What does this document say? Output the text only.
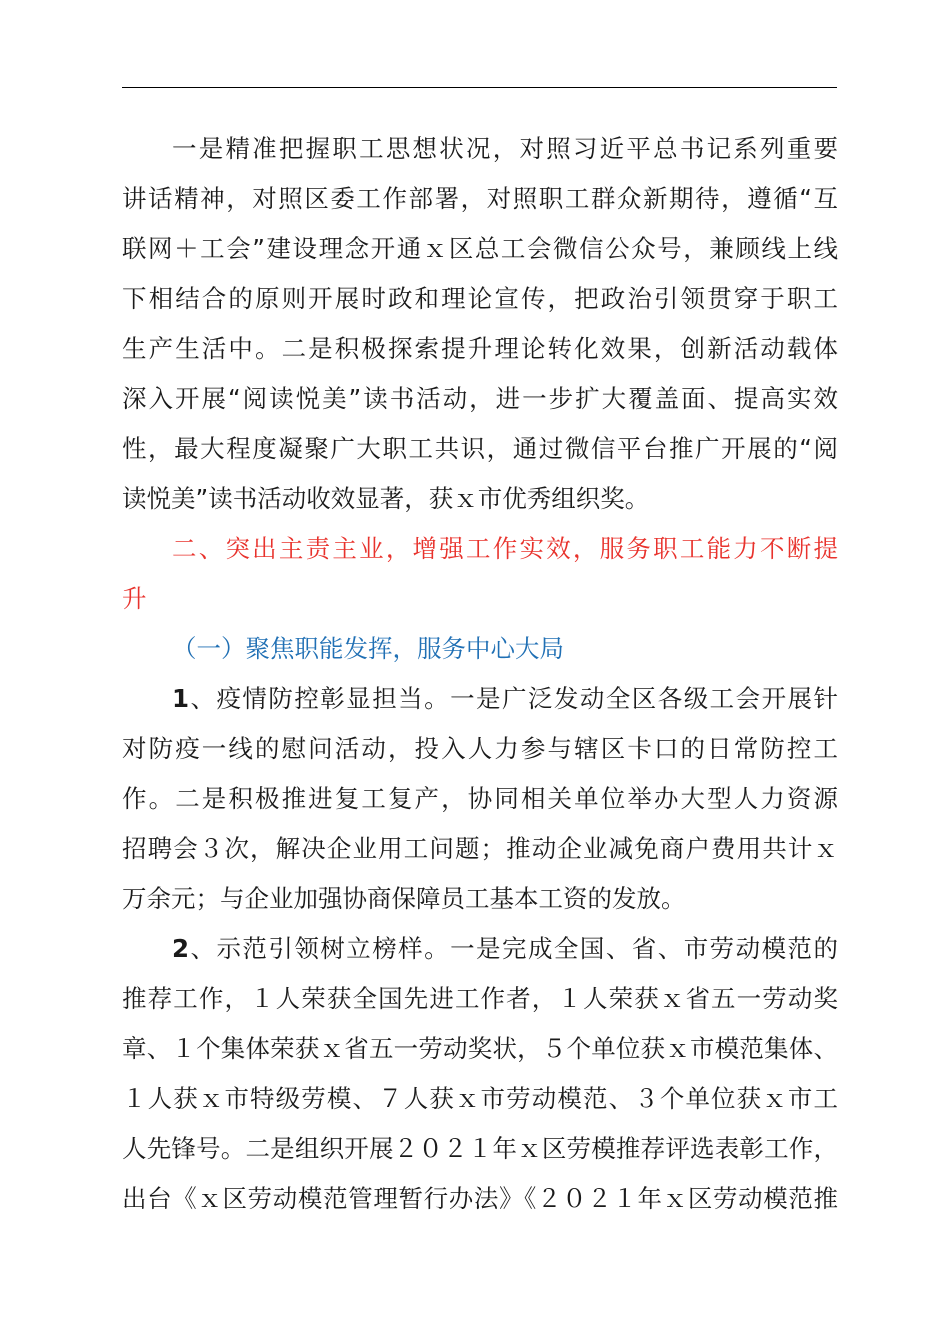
一是精准把握职工思想状况，对照习近平总书记系列重要
讲话精神，对照区委工作部署，对照职工群众新期待，遵循“互
联网＋工会”建设理念开通ｘ区总工会微信公众号，兼顾线上线
下相结合的原则开展时政和理论宣传，把政治引领贯穿于职工
生产生活中。二是积极探索提升理论转化效果，创新活动载体
深入开展“阅读悦美”读书活动，进一步扩大覆盖面、提高实效
性，最大程度凝聚广大职工共识，通过微信平台推广开展的“阅
读悦美”读书活动收效显著，获ｘ市优秀组织奖。
二、突出主责主业，增强工作实效，服务职工能力不断提
升
（一）聚焦职能发挥，服务中心大局
1、疫情防控彰显担当。一是广泛发动全区各级工会开展针
对防疫一线的慰问活动，投入人力参与辖区卡口的日常防控工
作。二是积极推进复工复产，协同相关单位举办大型人力资源
招聘会３次，解决企业用工问题；推动企业减免商户费用共计ｘ
万余元；与企业加强协商保障员工基本工资的发放。
2、示范引领树立榜样。一是完成全国、省、市劳动模范的
推荐工作，１人荣获全国先进工作者，１人荣获ｘ省五一劳动奖
章、１个集体荣获ｘ省五一劳动奖状，５个单位获ｘ市模范集体、
１人获ｘ市特级劳模、７人获ｘ市劳动模范、３个单位获ｘ市工
人先锋号。二是组织开展２０２１年ｘ区劳模推荐评选表彰工作，
出台《ｘ区劳动模范管理暂行办法》《２０２１年ｘ区劳动模范推
